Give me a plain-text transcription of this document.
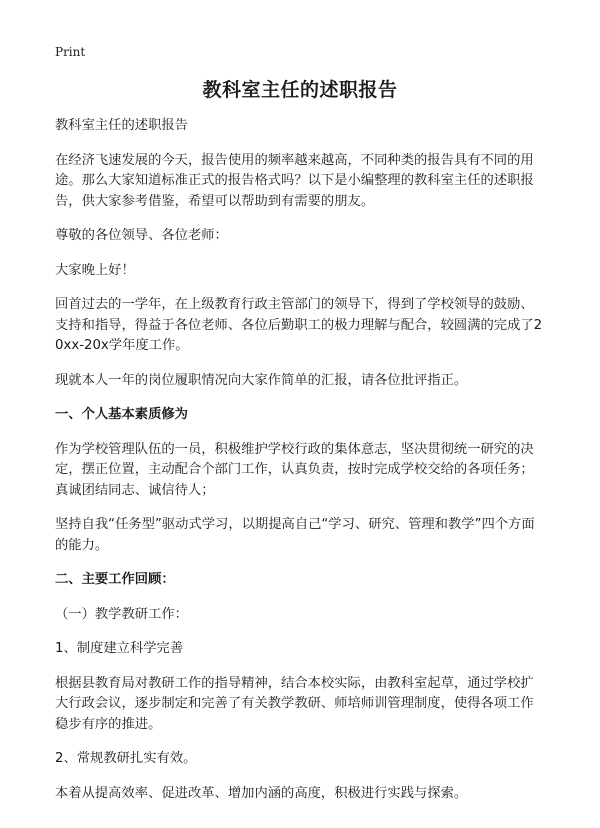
Print
教科室主任的述职报告
教科室主任的述职报告
在经济飞速发展的今天，报告使用的频率越来越高，不同种类的报告具有不同的用途。那么大家知道标准正式的报告格式吗？以下是小编整理的教科室主任的述职报告，供大家参考借鉴，希望可以帮助到有需要的朋友。
尊敬的各位领导、各位老师：
大家晚上好！
回首过去的一学年，在上级教育行政主管部门的领导下，得到了学校领导的鼓励、支持和指导，得益于各位老师、各位后勤职工的极力理解与配合，较圆满的完成了20xx-20x学年度工作。
现就本人一年的岗位履职情况向大家作简单的汇报，请各位批评指正。
一、个人基本素质修为
作为学校管理队伍的一员，积极维护学校行政的集体意志，坚决贯彻统一研究的决定，摆正位置，主动配合个部门工作，认真负责，按时完成学校交给的各项任务；真诚团结同志、诚信待人；
坚持自我“任务型”驱动式学习，以期提高自己“学习、研究、管理和教学”四个方面的能力。
二、主要工作回顾：
（一）教学教研工作：
1、制度建立科学完善
根据县教育局对教研工作的指导精神，结合本校实际，由教科室起草，通过学校扩大行政会议，逐步制定和完善了有关教学教研、师培师训管理制度，使得各项工作稳步有序的推进。
2、常规教研扎实有效。
本着从提高效率、促进改革、增加内涵的高度，积极进行实践与探索。
